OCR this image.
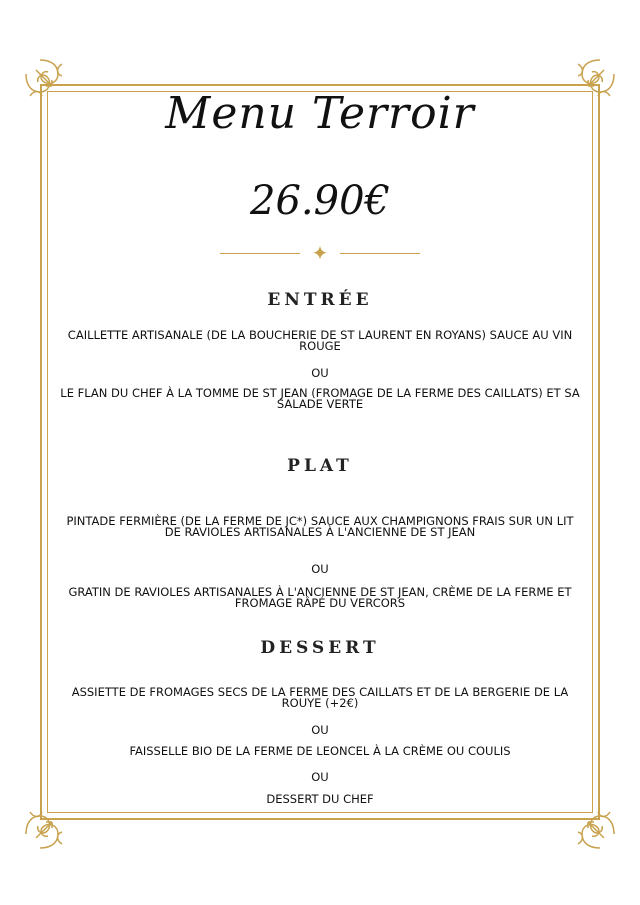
Menu Terroir
26.90€
✦
ENTRÉE
CAILLETTE ARTISANALE (DE LA BOUCHERIE DE ST LAURENT EN ROYANS) SAUCE AU VIN ROUGE
OU
LE FLAN DU CHEF À LA TOMME DE ST JEAN (FROMAGE DE LA FERME DES CAILLATS) ET SA SALADE VERTE
PLAT
PINTADE FERMIÈRE (DE LA FERME DE JC*) SAUCE AUX CHAMPIGNONS FRAIS SUR UN LIT DE RAVIOLES ARTISANALES À L'ANCIENNE DE ST JEAN
OU
GRATIN DE RAVIOLES ARTISANALES À L'ANCIENNE DE ST JEAN, CRÈME DE LA FERME ET FROMAGE RÂPÉ DU VERCORS
DESSERT
ASSIETTE DE FROMAGES SECS DE LA FERME DES CAILLATS ET DE LA BERGERIE DE LA ROUYE (+2€)
OU
FAISSELLE BIO DE LA FERME DE LEONCEL À LA CRÈME OU COULIS
OU
DESSERT DU CHEF
